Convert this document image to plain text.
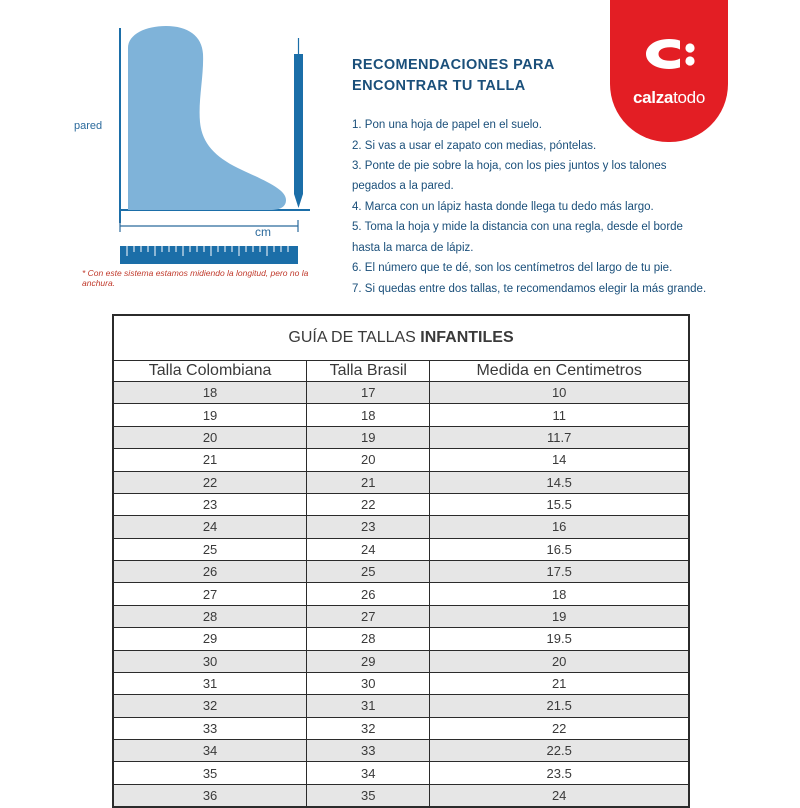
pared
cm
* Con este sistema estamos midiendo la longitud, pero no la anchura.
RECOMENDACIONES PARA
ENCONTRAR TU TALLA
1. Pon una hoja de papel en el suelo.
2. Si vas a usar el zapato con medias, póntelas.
3. Ponte de pie sobre la hoja, con los pies juntos y los talones pegados a la pared.
4. Marca con un lápiz hasta donde llega tu dedo más largo.
5. Toma la hoja y mide la distancia con una regla, desde el borde hasta la marca de lápiz.
6. El número que te dé, son los centímetros del largo de tu pie.
7. Si quedas entre dos tallas, te recomendamos elegir la más grande.
calzatodo
GUÍA DE TALLAS INFANTILES		
Talla Colombiana	Talla Brasil	Medida en Centimetros
18	17	10
19	18	11
20	19	11.7
21	20	14
22	21	14.5
23	22	15.5
24	23	16
25	24	16.5
26	25	17.5
27	26	18
28	27	19
29	28	19.5
30	29	20
31	30	21
32	31	21.5
33	32	22
34	33	22.5
35	34	23.5
36	35	24
